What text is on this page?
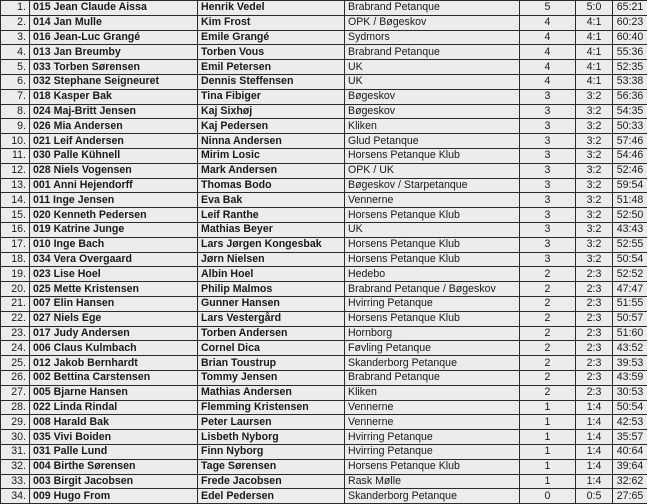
1.	015 Jean Claude Aissa	Henrik Vedel	Brabrand Petanque	5	5:0	65:21
2.	014 Jan Mulle	Kim Frost	OPK / Bøgeskov	4	4:1	60:23
3.	016 Jean-Luc Grangé	Emile Grangé	Sydmors	4	4:1	60:40
4.	013 Jan Breumby	Torben Vous	Brabrand Petanque	4	4:1	55:36
5.	033 Torben Sørensen	Emil Petersen	UK	4	4:1	52:35
6.	032 Stephane Seigneuret	Dennis Steffensen	UK	4	4:1	53:38
7.	018 Kasper Bak	Tina Fibiger	Bøgeskov	3	3:2	56:36
8.	024 Maj-Britt Jensen	Kaj Sixhøj	Bøgeskov	3	3:2	54:35
9.	026 Mia Andersen	Kaj Pedersen	Kliken	3	3:2	50:33
10.	021 Leif Andersen	Ninna Andersen	Glud Petanque	3	3:2	57:46
11.	030 Palle Kühnell	Mirim Losic	Horsens Petanque Klub	3	3:2	54:46
12.	028 Niels Vogensen	Mark Andersen	OPK / UK	3	3:2	52:46
13.	001 Anni Hejendorff	Thomas Bodo	Bøgeskov / Starpetanque	3	3:2	59:54
14.	011 Inge Jensen	Eva Bak	Vennerne	3	3:2	51:48
15.	020 Kenneth Pedersen	Leif Ranthe	Horsens Petanque Klub	3	3:2	52:50
16.	019 Katrine Junge	Mathias Beyer	UK	3	3:2	43:43
17.	010 Inge Bach	Lars Jørgen Kongesbak	Horsens Petanque Klub	3	3:2	52:55
18.	034 Vera Overgaard	Jørn Nielsen	Horsens Petanque Klub	3	3:2	50:54
19.	023 Lise Hoel	Albin Hoel	Hedebo	2	2:3	52:52
20.	025 Mette Kristensen	Philip Malmos	Brabrand Petanque / Bøgeskov	2	2:3	47:47
21.	007 Elin Hansen	Gunner Hansen	Hvirring Petanque	2	2:3	51:55
22.	027 Niels Ege	Lars Vestergård	Horsens Petanque Klub	2	2:3	50:57
23.	017 Judy Andersen	Torben Andersen	Hornborg	2	2:3	51:60
24.	006 Claus Kulmbach	Cornel Dica	Føvling Petanque	2	2:3	43:52
25.	012 Jakob Bernhardt	Brian Toustrup	Skanderborg Petanque	2	2:3	39:53
26.	002 Bettina Carstensen	Tommy Jensen	Brabrand Petanque	2	2:3	43:59
27.	005 Bjarne Hansen	Mathias Andersen	Kliken	2	2:3	30:53
28.	022 Linda Rindal	Flemming Kristensen	Vennerne	1	1:4	50:54
29.	008 Harald Bak	Peter Laursen	Vennerne	1	1:4	42:53
30.	035 Vivi Boiden	Lisbeth Nyborg	Hvirring Petanque	1	1:4	35:57
31.	031 Palle Lund	Finn Nyborg	Hvirring Petanque	1	1:4	40:64
32.	004 Birthe Sørensen	Tage Sørensen	Horsens Petanque Klub	1	1:4	39:64
33.	003 Birgit Jacobsen	Frede Jacobsen	Rask Mølle	1	1:4	32:62
34.	009 Hugo From	Edel Pedersen	Skanderborg Petanque	0	0:5	27:65
